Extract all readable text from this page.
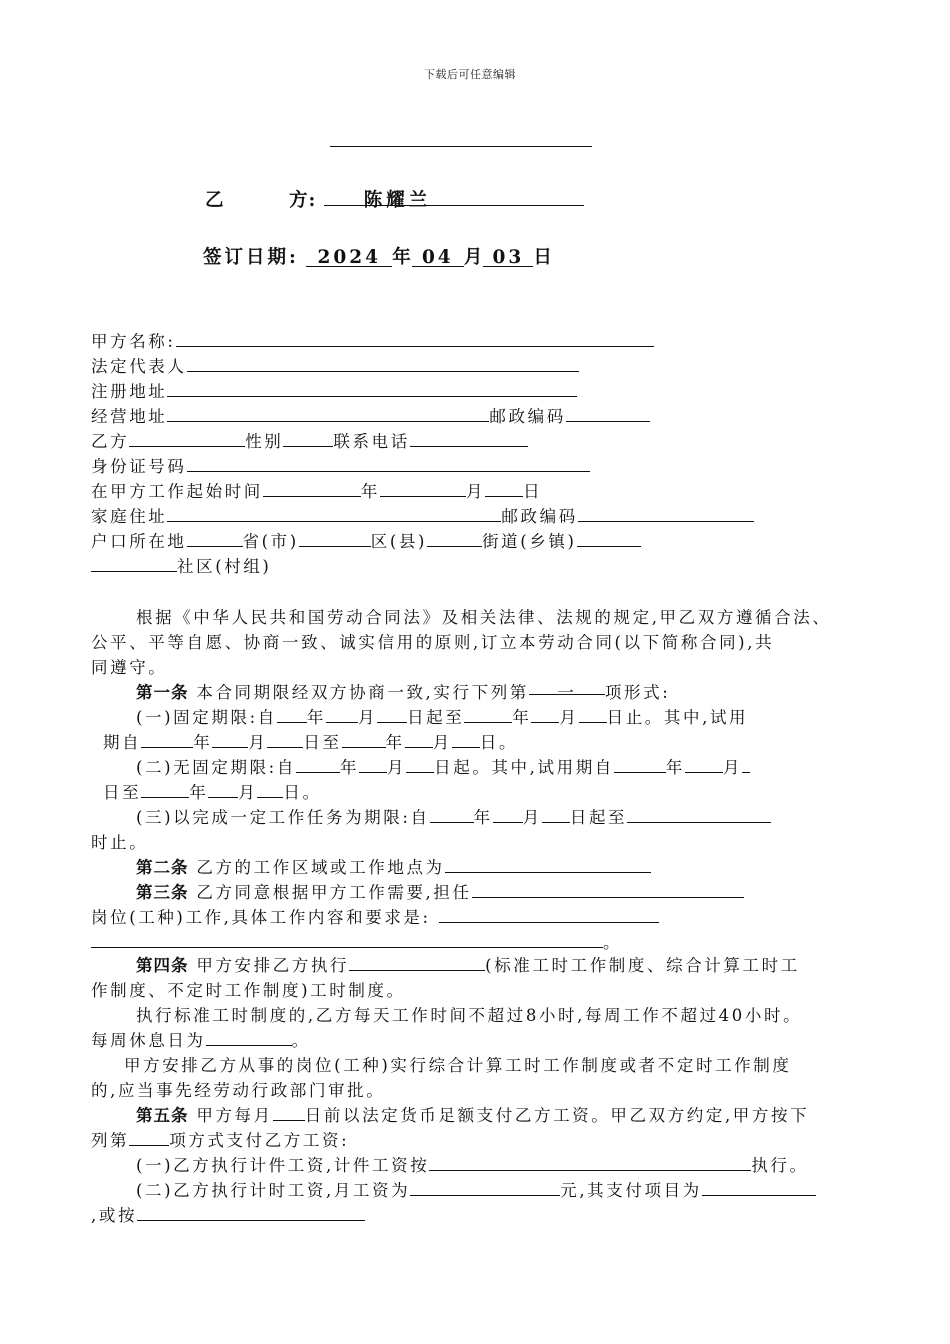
下载后可任意编辑
乙	方:	陈耀兰
签订日期: 2024 年 04 月 03 日
甲方名称:
法定代表人
注册地址
经营地址	邮政编码
乙方	性别	联系电话
身份证号码
在甲方工作起始时间	年	月 日
家庭住址	邮政编码
户口所在地	省(市)	区(县)	街道(乡镇)
社区(村组)
根据《中华人民共和国劳动合同法》及相关法律、法规的规定,甲乙双方遵循合法、
公平、平等自愿、协商一致、诚实信用的原则,订立本劳动合同(以下简称合同),共
同遵守。
第一条 本合同期限经双方协商一致,实行下列第 一 项形式:
(一)固定期限:自 年 月 日起至	年 月 日止。其中,试用
期自	年 月 日至	年 月 日。
(二)无固定期限:自	年 月 日起。其中,试用期自	年 月
日至	年 月 日。
(三)以完成一定工作任务为期限:自	年 月 日起至
时止。
第二条 乙方的工作区域或工作地点为
第三条 乙方同意根据甲方工作需要,担任
岗位(工种)工作,具体工作内容和要求是:
。
第四条 甲方安排乙方执行	(标准工时工作制度、综合计算工时工
作制度、不定时工作制度)工时制度。
执行标准工时制度的,乙方每天工作时间不超过8小时,每周工作不超过40小时。
每周休息日为	。
甲方安排乙方从事的岗位(工种)实行综合计算工时工作制度或者不定时工作制度
的,应当事先经劳动行政部门审批。
第五条 甲方每月 日前以法定货币足额支付乙方工资。甲乙双方约定,甲方按下
列第 项方式支付乙方工资:
(一)乙方执行计件工资,计件工资按	执行。
(二)乙方执行计时工资,月工资为	元,其支付项目为
,或按
